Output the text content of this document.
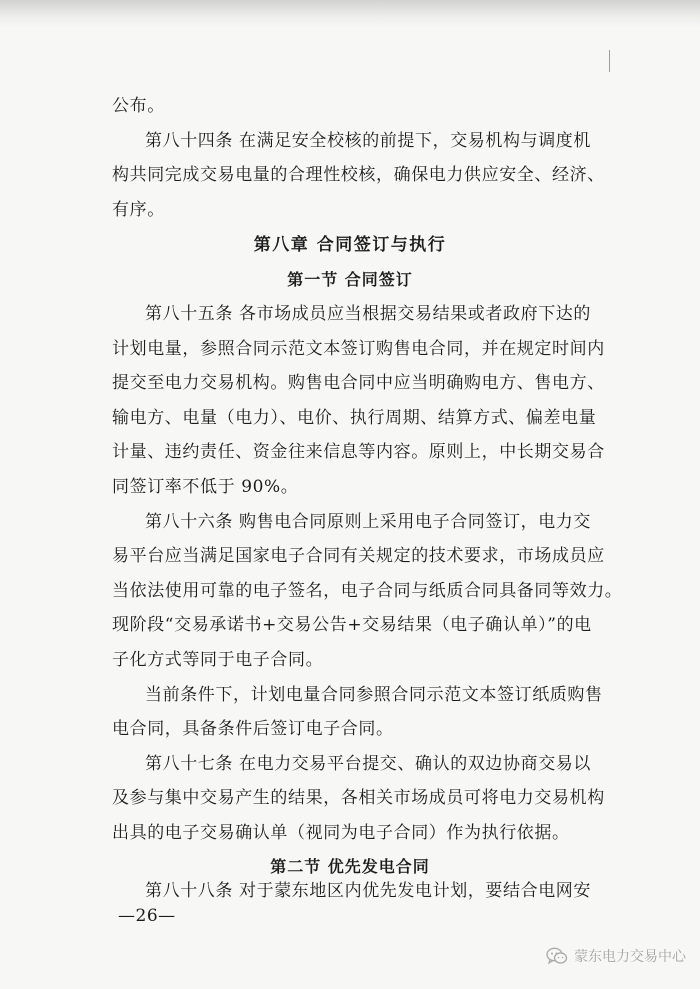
公布。
第八十四条 在满足安全校核的前提下，交易机构与调度机
构共同完成交易电量的合理性校核，确保电力供应安全、经济、
有序。
第八章 合同签订与执行
第一节 合同签订
第八十五条 各市场成员应当根据交易结果或者政府下达的
计划电量，参照合同示范文本签订购售电合同，并在规定时间内
提交至电力交易机构。购售电合同中应当明确购电方、售电方、
输电方、电量（电力）、电价、执行周期、结算方式、偏差电量
计量、违约责任、资金往来信息等内容。原则上，中长期交易合
同签订率不低于 90%。
第八十六条 购售电合同原则上采用电子合同签订，电力交
易平台应当满足国家电子合同有关规定的技术要求，市场成员应
当依法使用可靠的电子签名，电子合同与纸质合同具备同等效力。
现阶段“交易承诺书+交易公告+交易结果（电子确认单）”的电
子化方式等同于电子合同。
当前条件下，计划电量合同参照合同示范文本签订纸质购售
电合同，具备条件后签订电子合同。
第八十七条 在电力交易平台提交、确认的双边协商交易以
及参与集中交易产生的结果，各相关市场成员可将电力交易机构
出具的电子交易确认单（视同为电子合同）作为执行依据。
第二节 优先发电合同
第八十八条 对于蒙东地区内优先发电计划，要结合电网安
—26—
蒙东电力交易中心
